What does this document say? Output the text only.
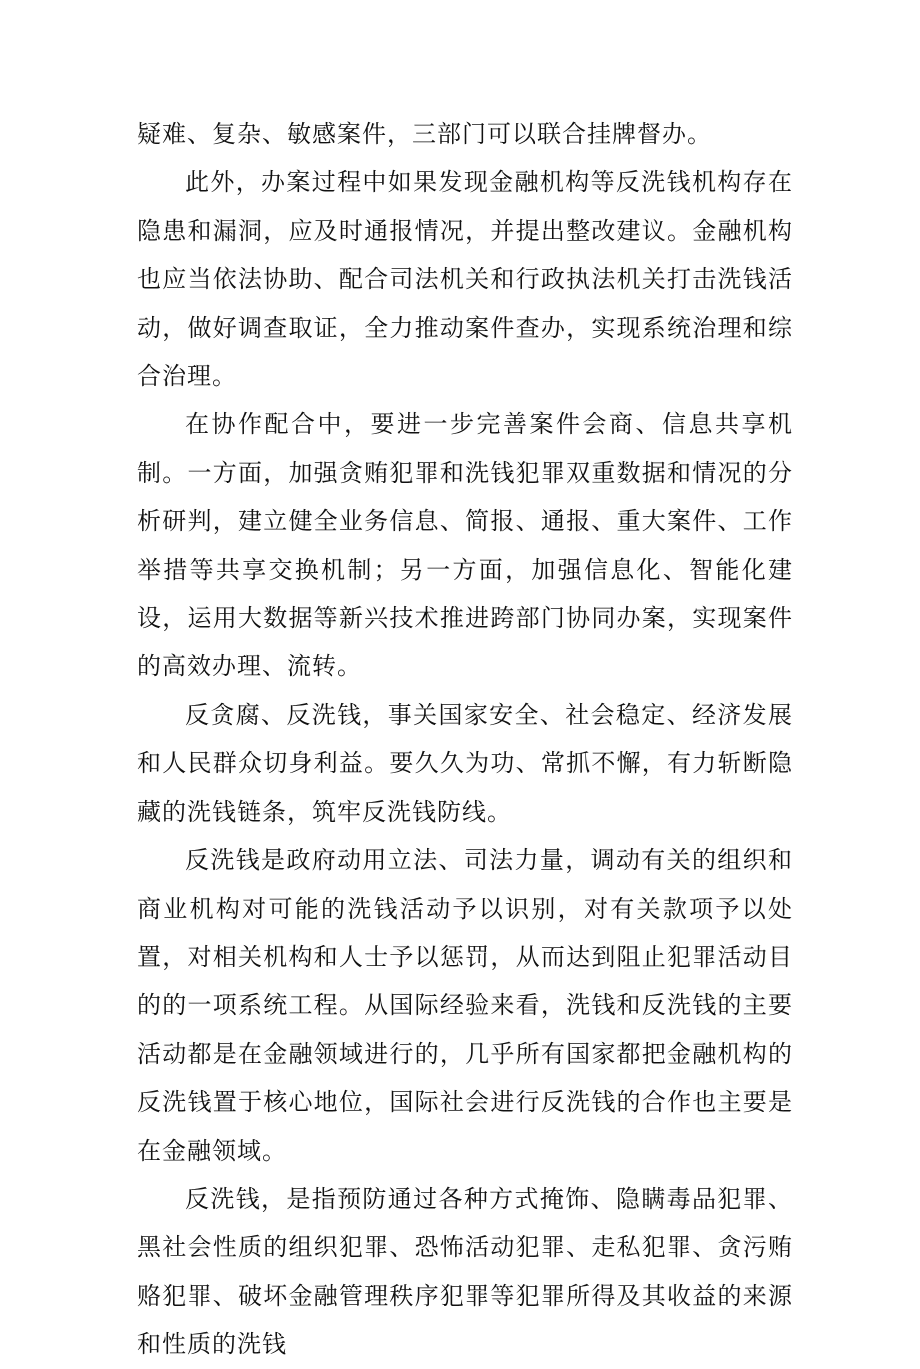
疑难、复杂、敏感案件，三部门可以联合挂牌督办。

此外，办案过程中如果发现金融机构等反洗钱机构存在隐患和漏洞，应及时通报情况，并提出整改建议。金融机构也应当依法协助、配合司法机关和行政执法机关打击洗钱活动，做好调查取证，全力推动案件查办，实现系统治理和综合治理。

在协作配合中，要进一步完善案件会商、信息共享机制。一方面，加强贪贿犯罪和洗钱犯罪双重数据和情况的分析研判，建立健全业务信息、简报、通报、重大案件、工作举措等共享交换机制；另一方面，加强信息化、智能化建设，运用大数据等新兴技术推进跨部门协同办案，实现案件的高效办理、流转。

反贪腐、反洗钱，事关国家安全、社会稳定、经济发展和人民群众切身利益。要久久为功、常抓不懈，有力斩断隐藏的洗钱链条，筑牢反洗钱防线。

反洗钱是政府动用立法、司法力量，调动有关的组织和商业机构对可能的洗钱活动予以识别，对有关款项予以处置，对相关机构和人士予以惩罚，从而达到阻止犯罪活动目的的一项系统工程。从国际经验来看，洗钱和反洗钱的主要活动都是在金融领域进行的，几乎所有国家都把金融机构的反洗钱置于核心地位，国际社会进行反洗钱的合作也主要是在金融领域。

反洗钱，是指预防通过各种方式掩饰、隐瞒毒品犯罪、黑社会性质的组织犯罪、恐怖活动犯罪、走私犯罪、贪污贿赂犯罪、破坏金融管理秩序犯罪等犯罪所得及其收益的来源和性质的洗钱
